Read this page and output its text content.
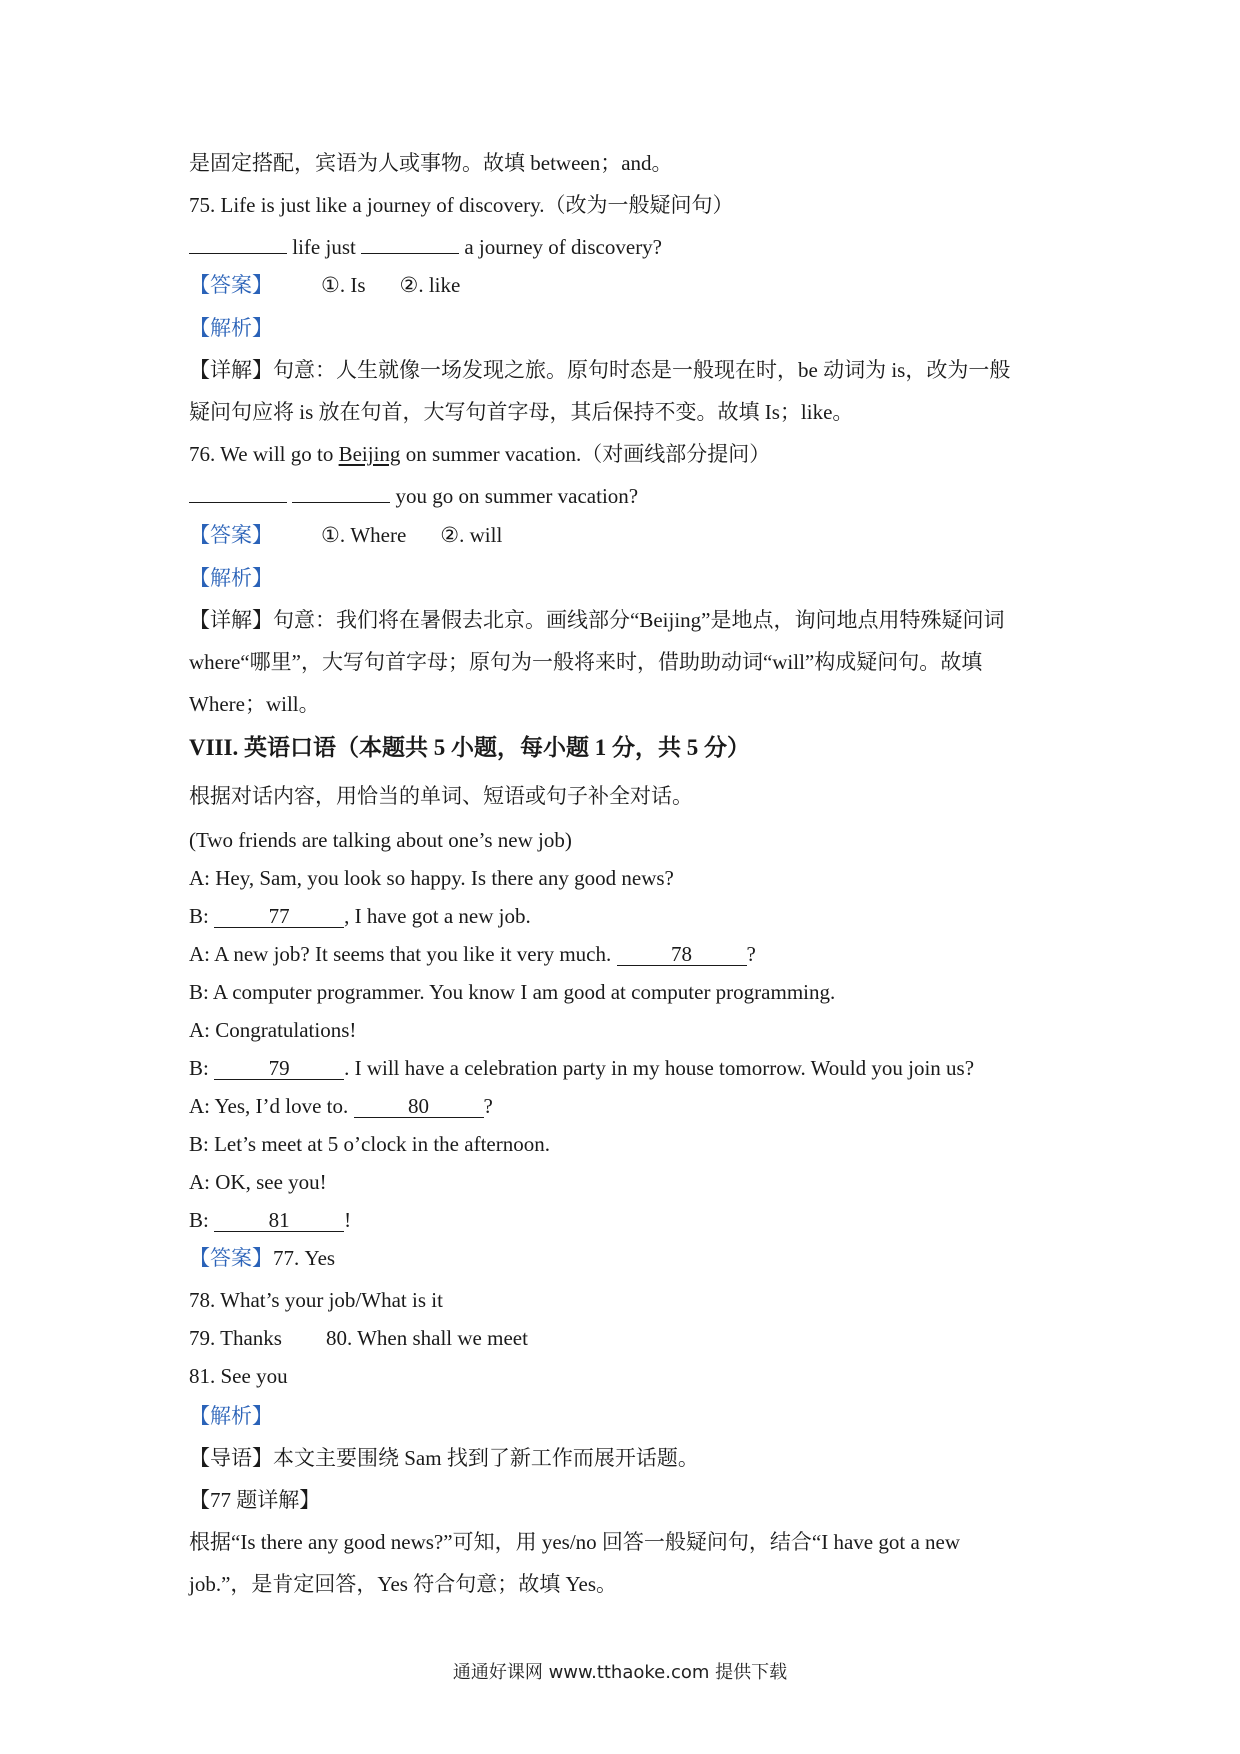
是固定搭配，宾语为人或事物。故填 between；and。
75. Life is just like a journey of discovery.（改为一般疑问句）
life just	a journey of discovery?
【答案】 ①. Is ②. like
【解析】
【详解】句意：人生就像一场发现之旅。原句时态是一般现在时，be 动词为 is，改为一般
疑问句应将 is 放在句首，大写句首字母，其后保持不变。故填 Is；like。
76. We will go to Beijing on summer vacation.（对画线部分提问）
you go on summer vacation?
【答案】 ①. Where ②. will
【解析】
【详解】句意：我们将在暑假去北京。画线部分“Beijing”是地点，询问地点用特殊疑问词
where“哪里”，大写句首字母；原句为一般将来时，借助助动词“will”构成疑问句。故填
Where；will。
VIII. 英语口语（本题共 5 小题，每小题 1 分，共 5 分）
根据对话内容，用恰当的单词、短语或句子补全对话。
(Two friends are talking about one’s new job)
A: Hey, Sam, you look so happy. Is there any good news?
B:	77	, I have got a new job.
A: A new job? It seems that you like it very much.	78	?
B: A computer programmer. You know I am good at computer programming.
A: Congratulations!
B:	79	. I will have a celebration party in my house tomorrow. Would you join us?
A: Yes, I’d love to.	80	?
B: Let’s meet at 5 o’clock in the afternoon.
A: OK, see you!
B:	81	!
【答案】77. Yes
78. What’s your job/What is it
79. Thanks 80. When shall we meet
81. See you
【解析】
【导语】本文主要围绕 Sam 找到了新工作而展开话题。
【77 题详解】
根据“Is there any good news?”可知，用 yes/no 回答一般疑问句，结合“I have got a new
job.”，是肯定回答，Yes 符合句意；故填 Yes。
通通好课网 www.tthaoke.com 提供下载
